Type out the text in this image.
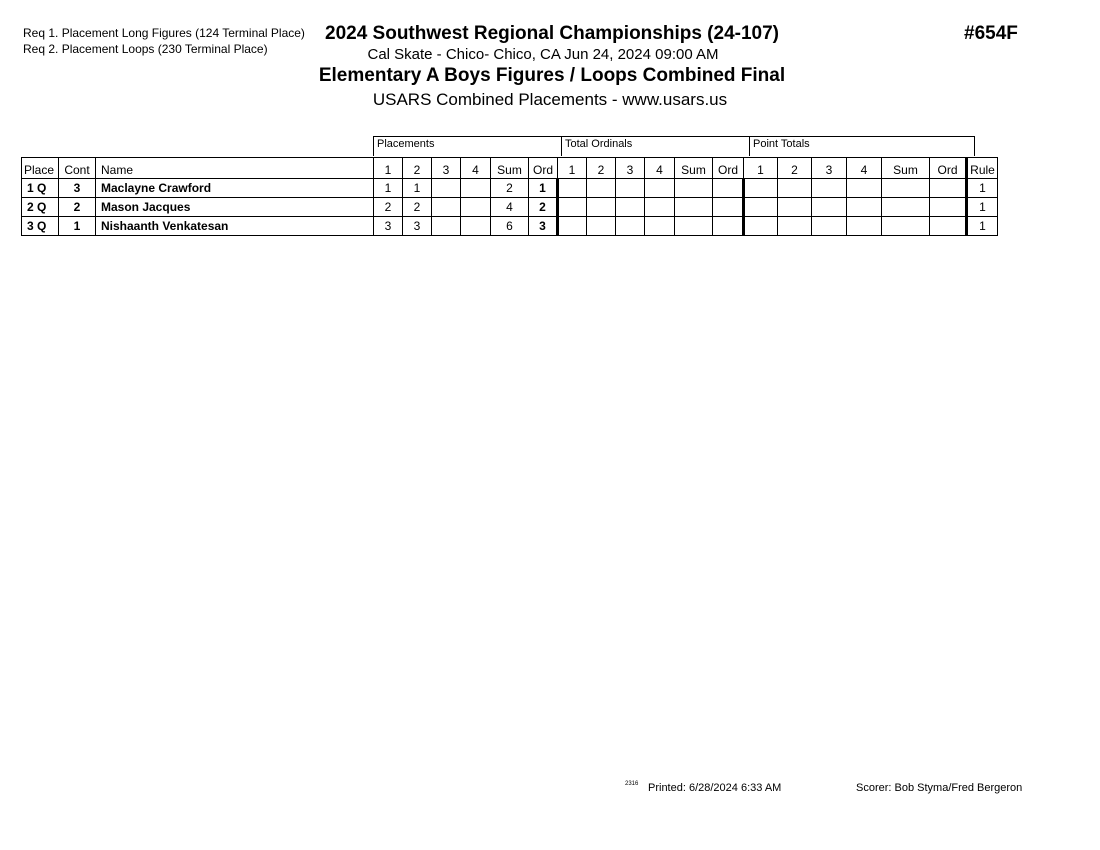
Req 1. Placement Long Figures (124 Terminal Place)
Req 2. Placement Loops (230 Terminal Place)
2024 Southwest Regional Championships (24-107)	#654F
Cal Skate - Chico- Chico, CA Jun 24, 2024 09:00 AM
Elementary A Boys Figures / Loops Combined Final
USARS Combined Placements - www.usars.us
Placements	Total Ordinals	Point Totals
Place	Cont	Name	1	2	3	4	Sum	Ord	1	2	3	4	Sum	Ord	1	2	3	4	Sum	Ord	Rule
1 Q	3	Maclayne Crawford	1	1			2	1													1
2 Q	2	Mason Jacques	2	2			4	2													1
3 Q	1	Nishaanth Venkatesan	3	3			6	3													1
2316 Printed: 6/28/2024 6:33 AM	Scorer: Bob Styma/Fred Bergeron
